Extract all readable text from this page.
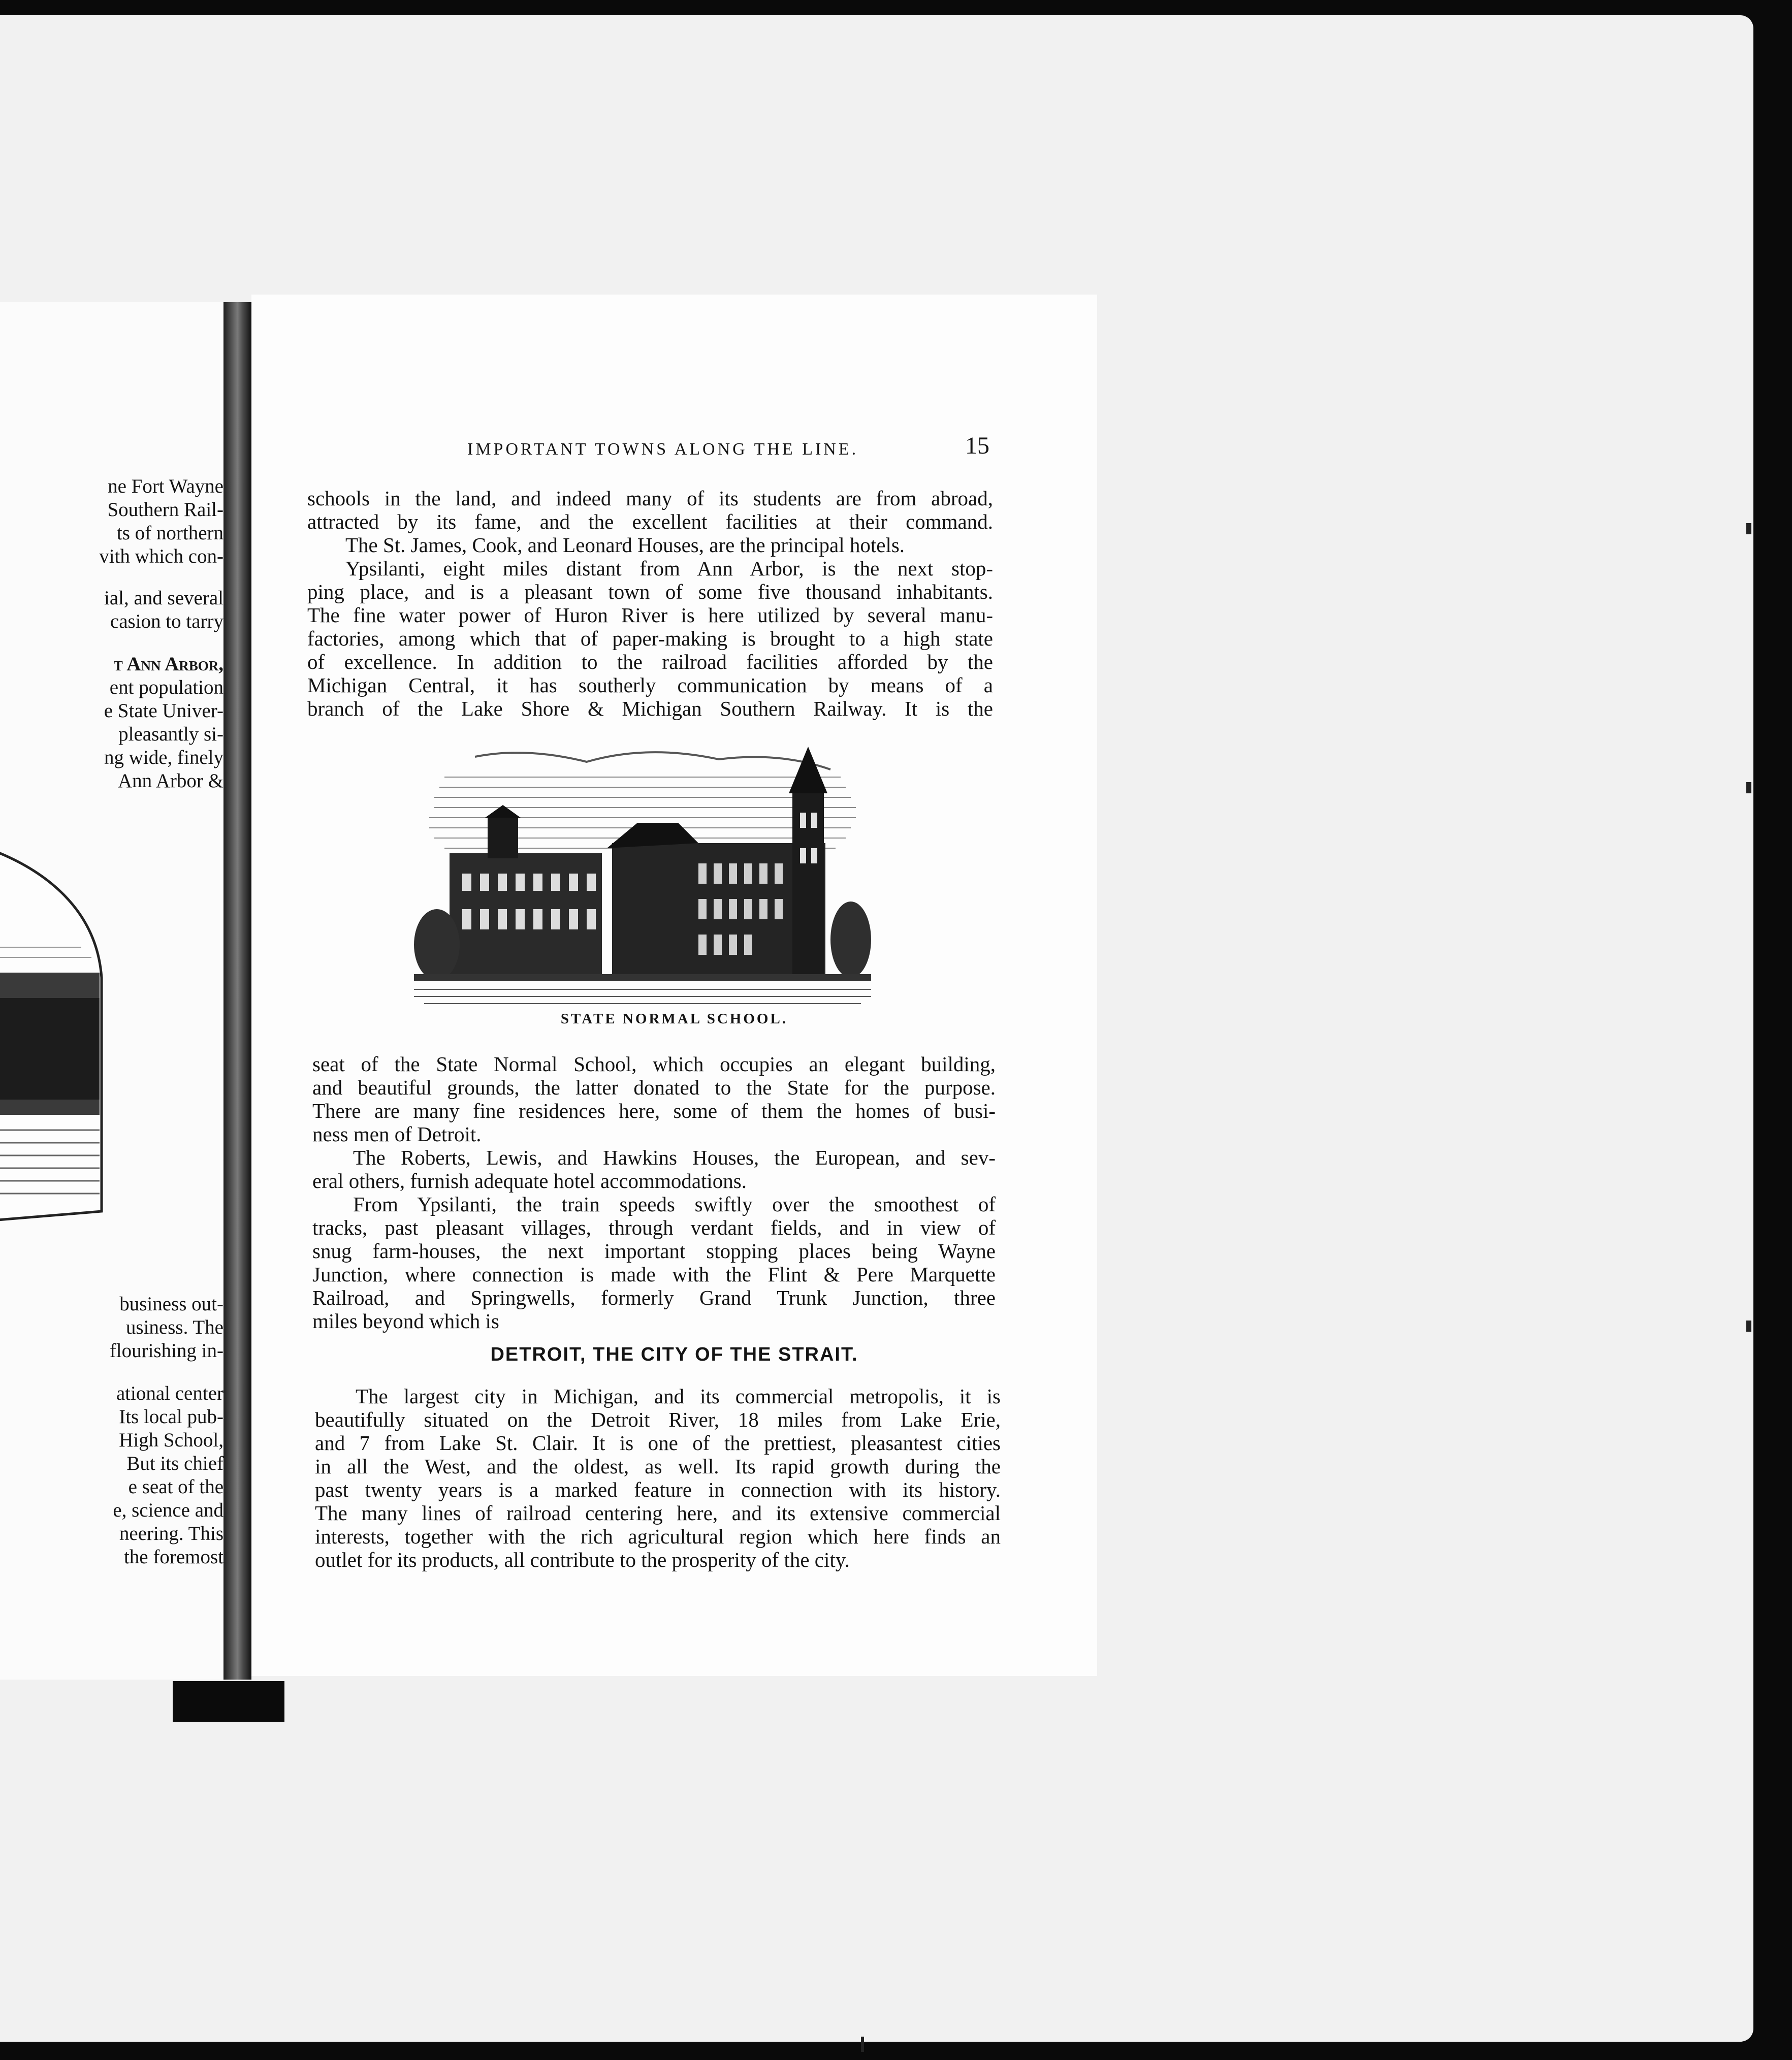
ne Fort Wayne
Southern Rail-
ts of northern
vith which con-
ial, and several
casion to tarry
t Ann Arbor,
ent population
e State Univer-
pleasantly si-
ng wide, finely
Ann Arbor &
business out-
usiness. The
flourishing in-
ational center
Its local pub-
High School,
But its chief
e seat of the
e, science and
neering. This
the foremost
IMPORTANT TOWNS ALONG THE LINE.	15
schools in the land, and indeed many of its students are from abroad,
attracted by its fame, and the excellent facilities at their command.
The St. James, Cook, and Leonard Houses, are the principal hotels.
Ypsilanti, eight miles distant from Ann Arbor, is the next stop-
ping place, and is a pleasant town of some five thousand inhabitants.
The fine water power of Huron River is here utilized by several manu-
factories, among which that of paper-making is brought to a high state
of excellence. In addition to the railroad facilities afforded by the
Michigan Central, it has southerly communication by means of a
branch of the Lake Shore & Michigan Southern Railway. It is the
STATE NORMAL SCHOOL.
seat of the State Normal School, which occupies an elegant building,
and beautiful grounds, the latter donated to the State for the purpose.
There are many fine residences here, some of them the homes of busi-
ness men of Detroit.
The Roberts, Lewis, and Hawkins Houses, the European, and sev-
eral others, furnish adequate hotel accommodations.
From Ypsilanti, the train speeds swiftly over the smoothest of
tracks, past pleasant villages, through verdant fields, and in view of
snug farm-houses, the next important stopping places being Wayne
Junction, where connection is made with the Flint & Pere Marquette
Railroad, and Springwells, formerly Grand Trunk Junction, three
miles beyond which is
DETROIT, THE CITY OF THE STRAIT.
The largest city in Michigan, and its commercial metropolis, it is
beautifully situated on the Detroit River, 18 miles from Lake Erie,
and 7 from Lake St. Clair. It is one of the prettiest, pleasantest cities
in all the West, and the oldest, as well. Its rapid growth during the
past twenty years is a marked feature in connection with its history.
The many lines of railroad centering here, and its extensive commercial
interests, together with the rich agricultural region which here finds an
outlet for its products, all contribute to the prosperity of the city.
